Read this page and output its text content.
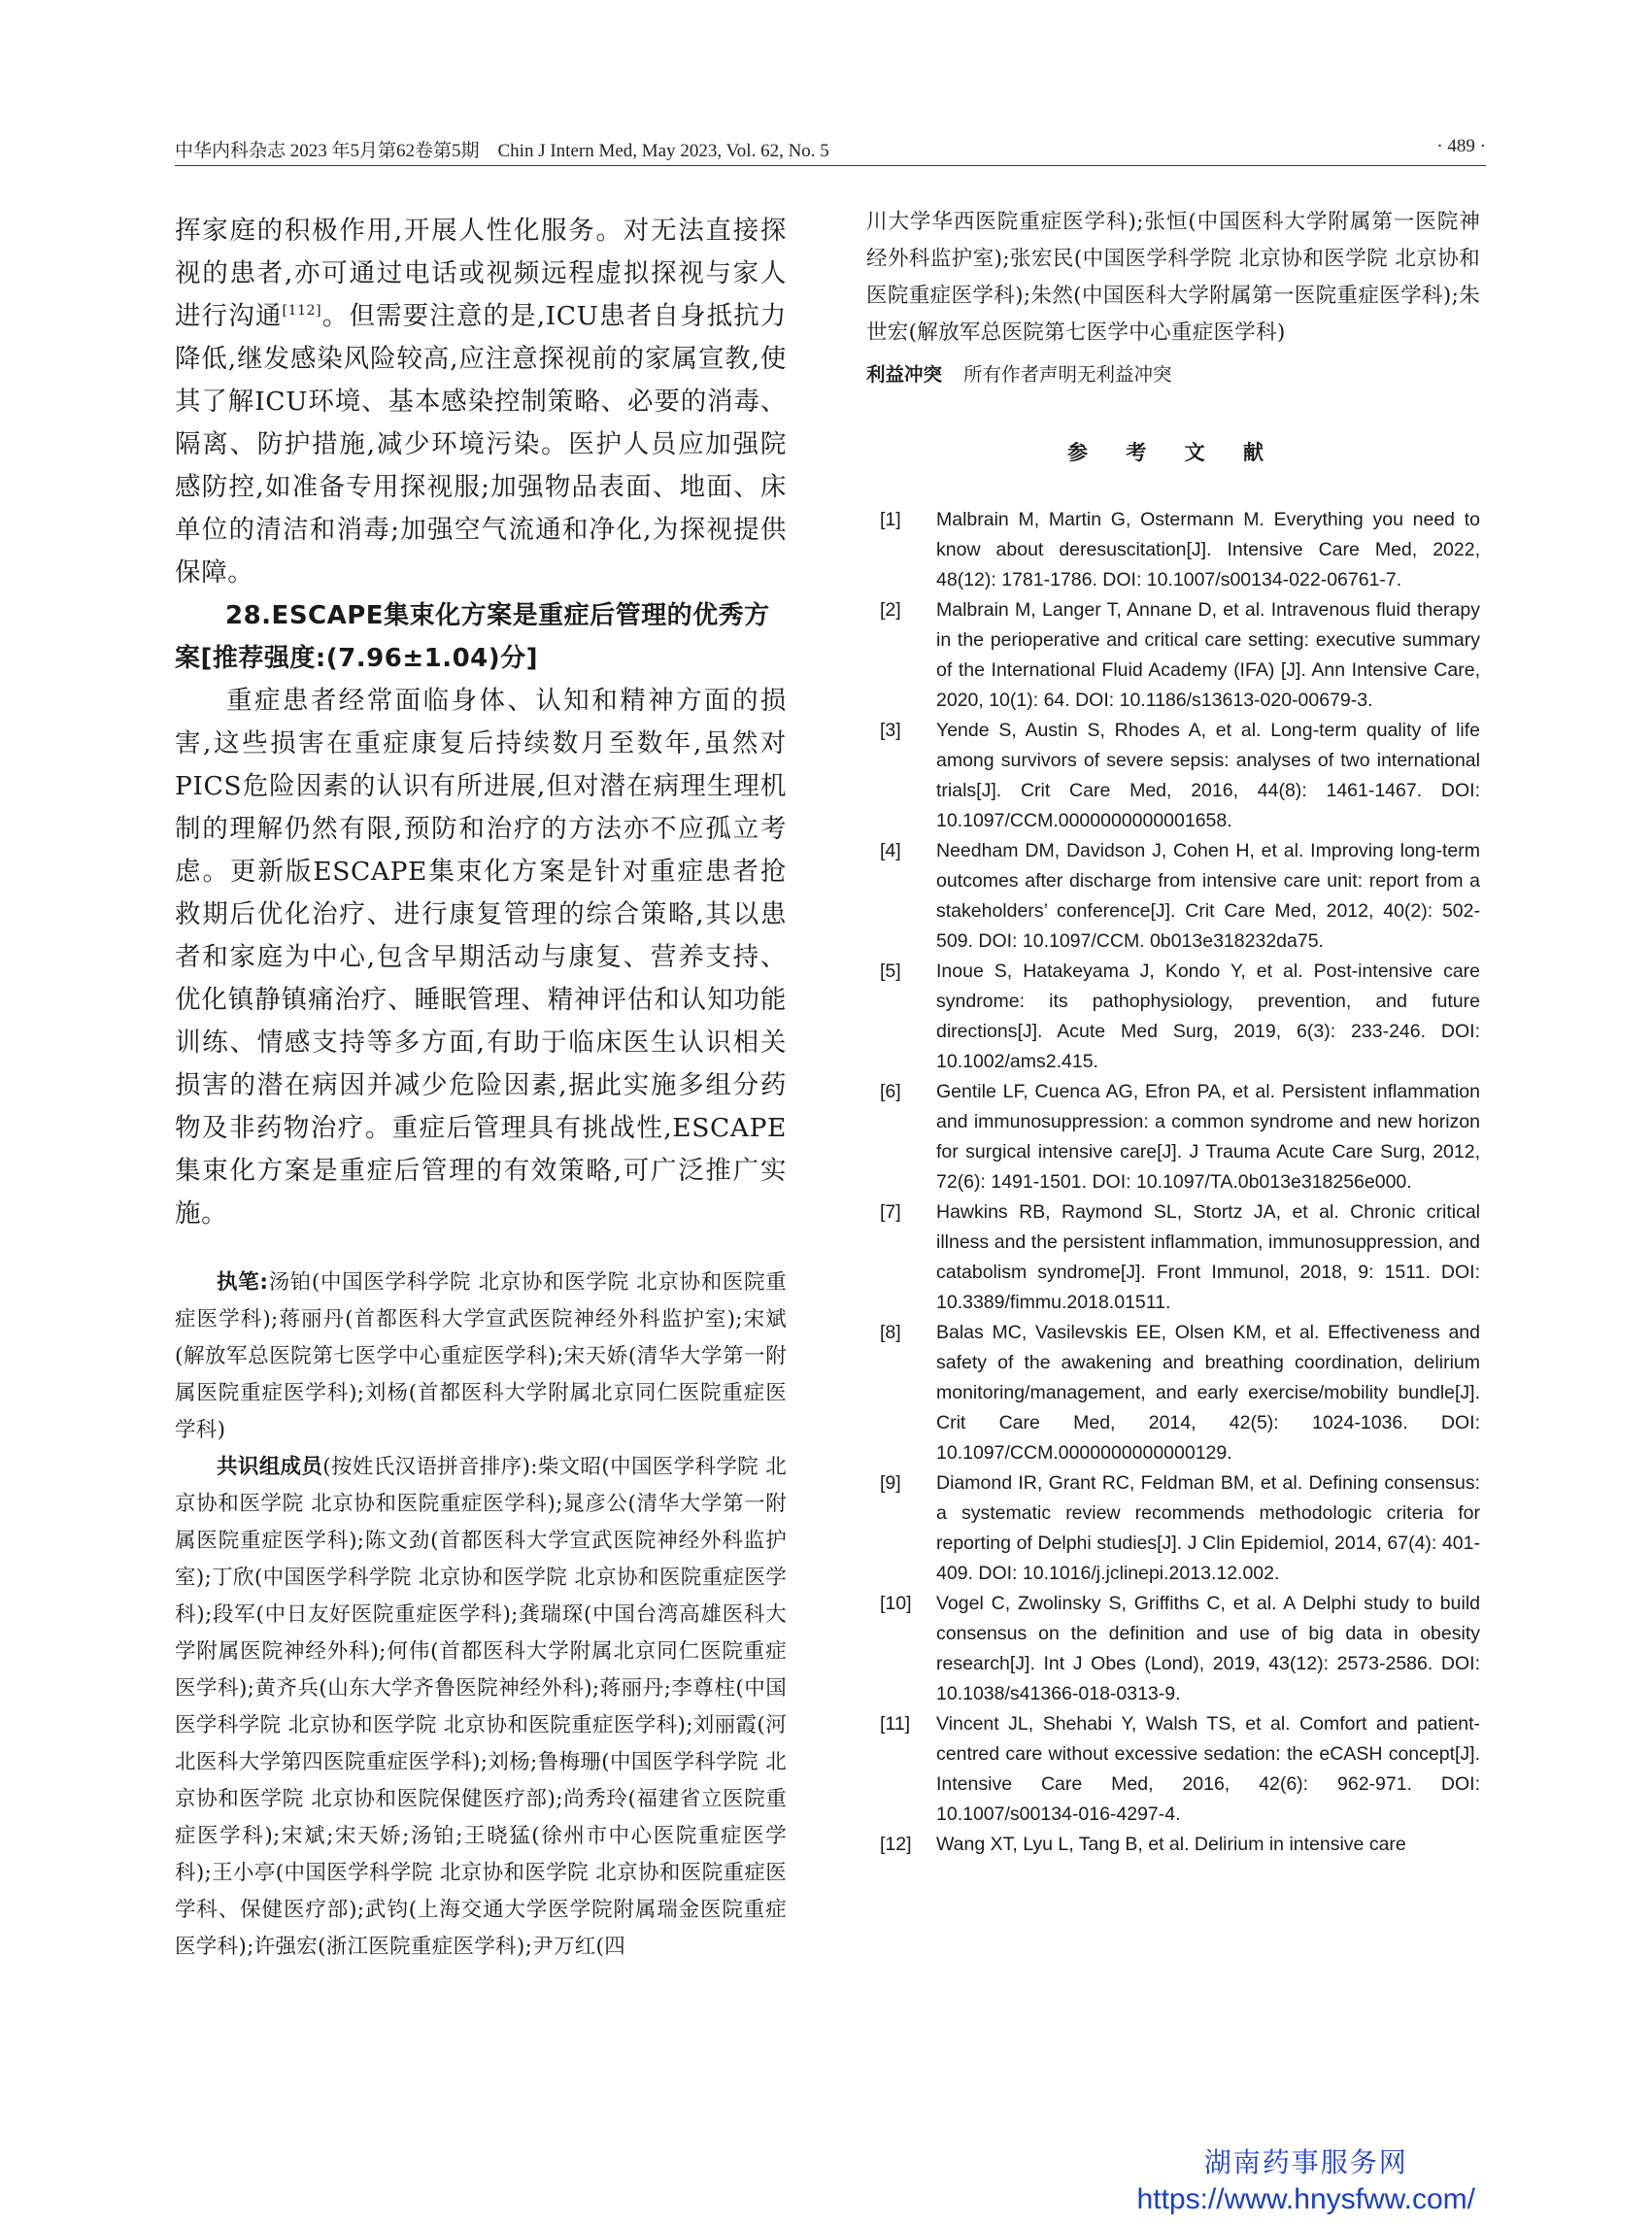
中华内科杂志 2023 年5月第62卷第5期　Chin J Intern Med, May 2023, Vol. 62, No. 5	· 489 ·

挥家庭的积极作用,开展人性化服务。对无法直接探视的患者,亦可通过电话或视频远程虚拟探视与家人进行沟通[112]。但需要注意的是,ICU患者自身抵抗力降低,继发感染风险较高,应注意探视前的家属宣教,使其了解ICU环境、基本感染控制策略、必要的消毒、隔离、防护措施,减少环境污染。医护人员应加强院感防控,如准备专用探视服;加强物品表面、地面、床单位的清洁和消毒;加强空气流通和净化,为探视提供保障。

28.ESCAPE集束化方案是重症后管理的优秀方案[推荐强度:(7.96±1.04)分]

重症患者经常面临身体、认知和精神方面的损害,这些损害在重症康复后持续数月至数年,虽然对PICS危险因素的认识有所进展,但对潜在病理生理机制的理解仍然有限,预防和治疗的方法亦不应孤立考虑。更新版ESCAPE集束化方案是针对重症患者抢救期后优化治疗、进行康复管理的综合策略,其以患者和家庭为中心,包含早期活动与康复、营养支持、优化镇静镇痛治疗、睡眠管理、精神评估和认知功能训练、情感支持等多方面,有助于临床医生认识相关损害的潜在病因并减少危险因素,据此实施多组分药物及非药物治疗。重症后管理具有挑战性,ESCAPE集束化方案是重症后管理的有效策略,可广泛推广实施。

执笔:汤铂(中国医学科学院 北京协和医学院 北京协和医院重症医学科);蒋丽丹(首都医科大学宣武医院神经外科监护室);宋斌(解放军总医院第七医学中心重症医学科);宋天娇(清华大学第一附属医院重症医学科);刘杨(首都医科大学附属北京同仁医院重症医学科)

共识组成员(按姓氏汉语拼音排序):柴文昭(中国医学科学院 北京协和医学院 北京协和医院重症医学科);晁彦公(清华大学第一附属医院重症医学科);陈文劲(首都医科大学宣武医院神经外科监护室);丁欣(中国医学科学院 北京协和医学院 北京协和医院重症医学科);段军(中日友好医院重症医学科);龚瑞琛(中国台湾高雄医科大学附属医院神经外科);何伟(首都医科大学附属北京同仁医院重症医学科);黄齐兵(山东大学齐鲁医院神经外科);蒋丽丹;李尊柱(中国医学科学院 北京协和医学院 北京协和医院重症医学科);刘丽霞(河北医科大学第四医院重症医学科);刘杨;鲁梅珊(中国医学科学院 北京协和医学院 北京协和医院保健医疗部);尚秀玲(福建省立医院重症医学科);宋斌;宋天娇;汤铂;王晓猛(徐州市中心医院重症医学科);王小亭(中国医学科学院 北京协和医学院 北京协和医院重症医学科、保健医疗部);武钧(上海交通大学医学院附属瑞金医院重症医学科);许强宏(浙江医院重症医学科);尹万红(四

川大学华西医院重症医学科);张恒(中国医科大学附属第一医院神经外科监护室);张宏民(中国医学科学院 北京协和医学院 北京协和医院重症医学科);朱然(中国医科大学附属第一医院重症医学科);朱世宏(解放军总医院第七医学中心重症医学科)

利益冲突 所有作者声明无利益冲突

参 考 文 献
[1]	Malbrain M, Martin G, Ostermann M. Everything you need to know about deresuscitation[J]. Intensive Care Med, 2022, 48(12): 1781-1786. DOI: 10.1007/s00134-022-06761-7.
[2]	Malbrain M, Langer T, Annane D, et al. Intravenous fluid therapy in the perioperative and critical care setting: executive summary of the International Fluid Academy (IFA) [J]. Ann Intensive Care, 2020, 10(1): 64. DOI: 10.1186/s13613-020-00679-3.
[3]	Yende S, Austin S, Rhodes A, et al. Long-term quality of life among survivors of severe sepsis: analyses of two international trials[J]. Crit Care Med, 2016, 44(8): 1461-1467. DOI: 10.1097/CCM.0000000000001658.
[4]	Needham DM, Davidson J, Cohen H, et al. Improving long-term outcomes after discharge from intensive care unit: report from a stakeholders’ conference[J]. Crit Care Med, 2012, 40(2): 502-509. DOI: 10.1097/CCM. 0b013e318232da75.
[5]	Inoue S, Hatakeyama J, Kondo Y, et al. Post-intensive care syndrome: its pathophysiology, prevention, and future directions[J]. Acute Med Surg, 2019, 6(3): 233-246. DOI: 10.1002/ams2.415.
[6]	Gentile LF, Cuenca AG, Efron PA, et al. Persistent inflammation and immunosuppression: a common syndrome and new horizon for surgical intensive care[J]. J Trauma Acute Care Surg, 2012, 72(6): 1491-1501. DOI: 10.1097/TA.0b013e318256e000.
[7]	Hawkins RB, Raymond SL, Stortz JA, et al. Chronic critical illness and the persistent inflammation, immunosuppression, and catabolism syndrome[J]. Front Immunol, 2018, 9: 1511. DOI: 10.3389/fimmu.2018.01511.
[8]	Balas MC, Vasilevskis EE, Olsen KM, et al. Effectiveness and safety of the awakening and breathing coordination, delirium monitoring/management, and early exercise/mobility bundle[J]. Crit Care Med, 2014, 42(5): 1024-1036. DOI: 10.1097/CCM.0000000000000129.
[9]	Diamond IR, Grant RC, Feldman BM, et al. Defining consensus: a systematic review recommends methodologic criteria for reporting of Delphi studies[J]. J Clin Epidemiol, 2014, 67(4): 401-409. DOI: 10.1016/j.jclinepi.2013.12.002.
[10]	Vogel C, Zwolinsky S, Griffiths C, et al. A Delphi study to build consensus on the definition and use of big data in obesity research[J]. Int J Obes (Lond), 2019, 43(12): 2573-2586. DOI: 10.1038/s41366-018-0313-9.
[11]	Vincent JL, Shehabi Y, Walsh TS, et al. Comfort and patient-centred care without excessive sedation: the eCASH concept[J]. Intensive Care Med, 2016, 42(6): 962-971. DOI: 10.1007/s00134-016-4297-4.
[12]	Wang XT, Lyu L, Tang B, et al. Delirium in intensive care
湖南药事服务网
https://www.hnysfww.com/
